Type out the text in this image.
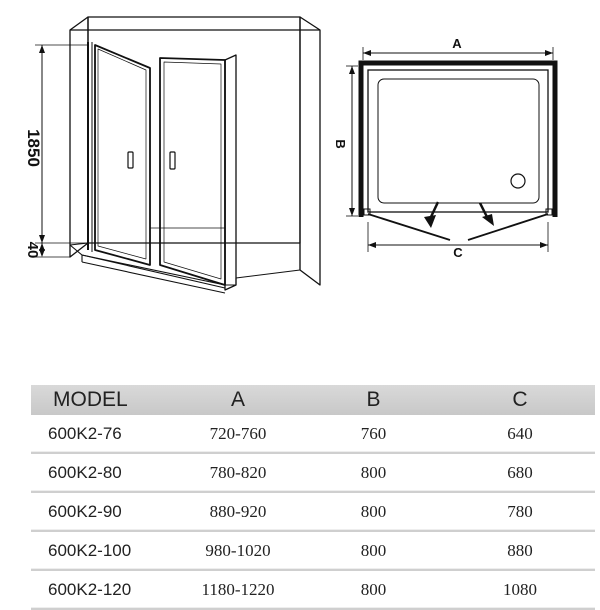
1850
40
A
B
C
MODEL	A	B	C
600K2-76	720-760	760	640
600K2-80	780-820	800	680
600K2-90	880-920	800	780
600K2-100	980-1020	800	880
600K2-120	1180-1220	800	1080
